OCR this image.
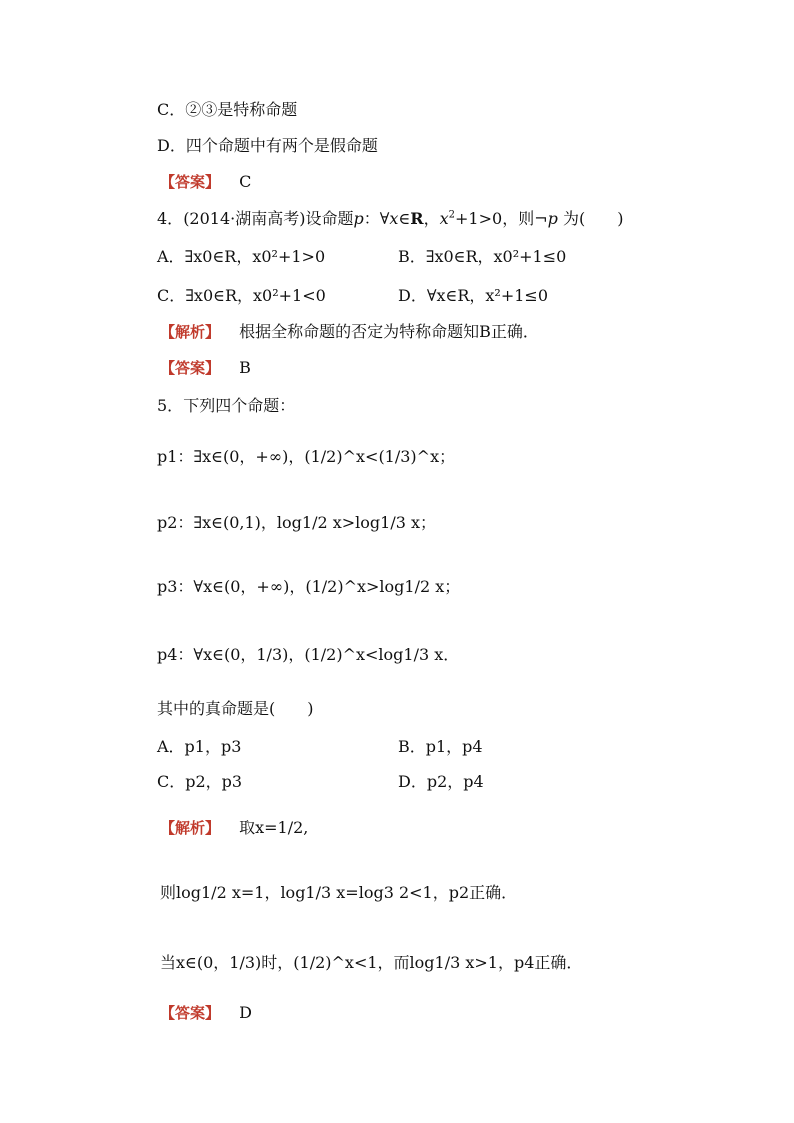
C．②③是特称命题
D．四个命题中有两个是假命题
【答案】 C
4．(2014·湖南高考)设命题p：∀x∈R，$x^2+1>0$，则¬p 为(　　)
A．∃x0∈R，x0²+1>0	B．∃x0∈R，x0²+1≤0
C．∃x0∈R，x0²+1<0	D．∀x∈R，x²+1≤0
【解析】 根据全称命题的否定为特称命题知B正确．
【答案】 B
5．下列四个命题：
p1：∃x∈(0，+∞)，(1/2)^x<(1/3)^x；
p2：∃x∈(0,1)，log1/2 x>log1/3 x；
p3：∀x∈(0，+∞)，(1/2)^x>log1/2 x；
p4：∀x∈(0，1/3)，(1/2)^x<log1/3 x．
其中的真命题是(　　)
A．p1，p3	B．p1，p4
C．p2，p3	D．p2，p4
【解析】 取x=1/2,
则log1/2 x=1，log1/3 x=log3 2<1，p2正确．
当x∈(0，1/3)时，(1/2)^x<1，而log1/3 x>1，p4正确．
【答案】 D
